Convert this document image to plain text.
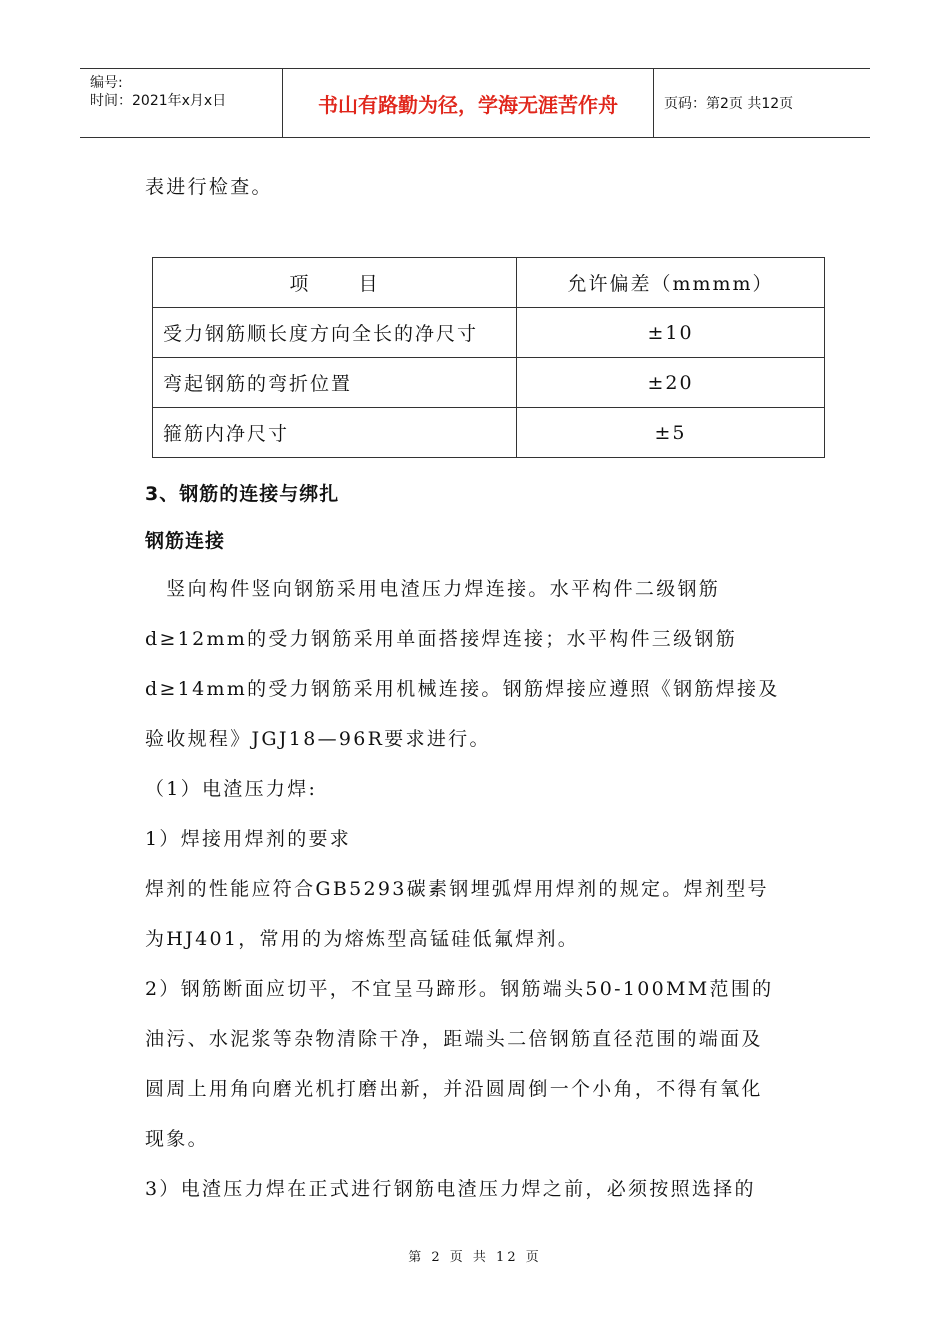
编号:
时间：2021年x月x日	书山有路勤为径，学海无涯苦作舟	页码：第2页 共12页
表进行检查。
项      目	允许偏差（mmmm）
受力钢筋顺长度方向全长的净尺寸	±10
弯起钢筋的弯折位置	±20
箍筋内净尺寸	±5
3、钢筋的连接与绑扎
钢筋连接
　竖向构件竖向钢筋采用电渣压力焊连接。水平构件二级钢筋
d≥12mm的受力钢筋采用单面搭接焊连接；水平构件三级钢筋
d≥14mm的受力钢筋采用机械连接。钢筋焊接应遵照《钢筋焊接及
验收规程》JGJ18—96R要求进行。
（1）电渣压力焊:
1）焊接用焊剂的要求
焊剂的性能应符合GB5293碳素钢埋弧焊用焊剂的规定。焊剂型号
为HJ401，常用的为熔炼型高锰硅低氟焊剂。
2）钢筋断面应切平，不宜呈马蹄形。钢筋端头50-100MM范围的
油污、水泥浆等杂物清除干净，距端头二倍钢筋直径范围的端面及
圆周上用角向磨光机打磨出新，并沿圆周倒一个小角，不得有氧化
现象。
3）电渣压力焊在正式进行钢筋电渣压力焊之前，必须按照选择的
第 2 页 共 12 页
